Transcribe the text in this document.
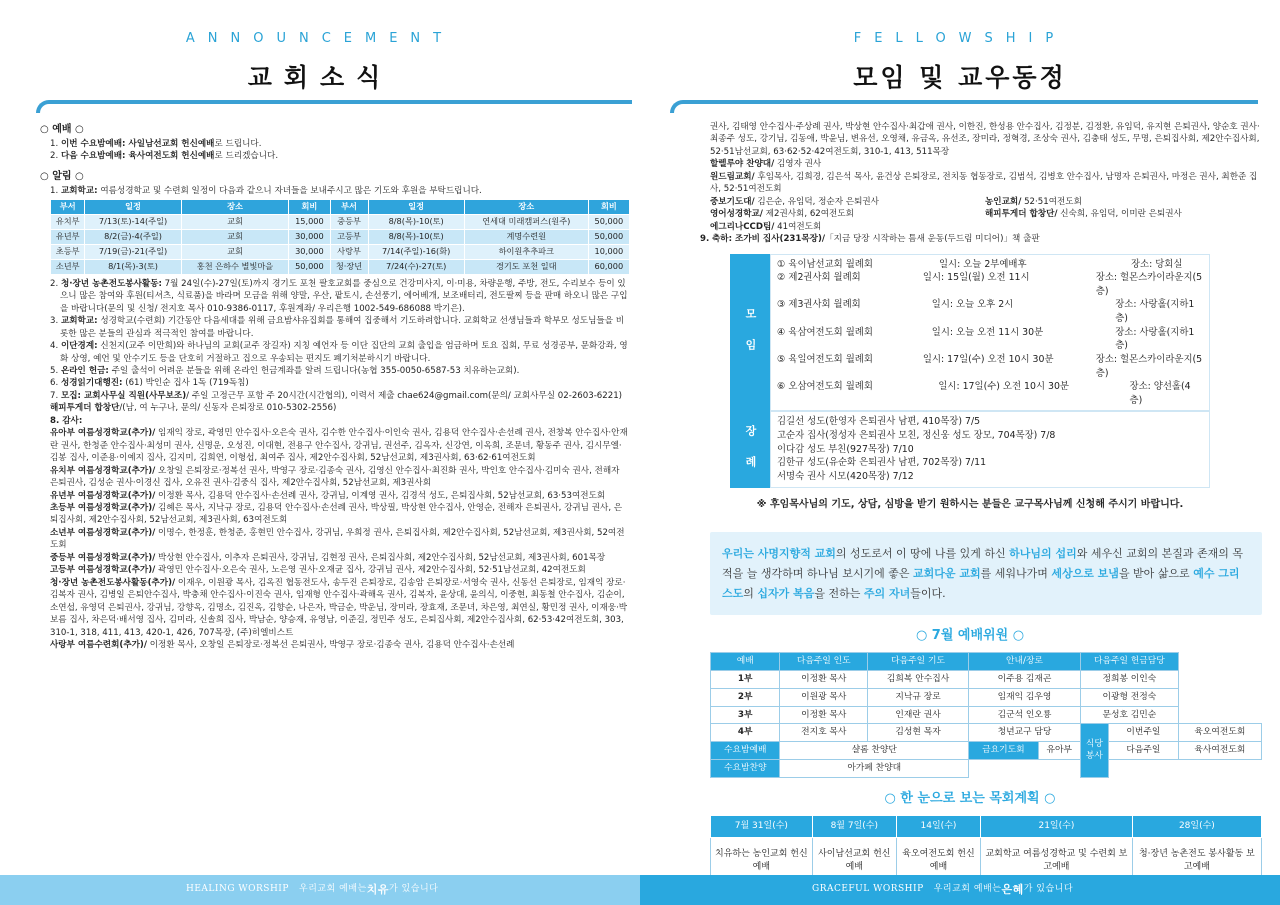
ANNOUNCEMENT
교회소식
○ 예배 ○
1. 이번 수요밤예배: 사일남선교회 헌신예배로 드립니다.
2. 다음 수요밤예배: 육사여전도회 헌신예배로 드리겠습니다.
○ 알림 ○
1. 교회학교: 여름성경학교 및 수련회 일정이 다음과 같으니 자녀들을 보내주시고 많은 기도와 후원을 부탁드립니다.
부서	일정	장소	회비	부서	일정	장소	회비
유치부	7/13(토)-14(주일)	교회	15,000	중등부	8/8(목)-10(토)	연세대 미래캠퍼스(원주)	50,000
유년부	8/2(금)-4(주일)	교회	30,000	고등부	8/8(목)-10(토)	계명수련원	50,000
초등부	7/19(금)-21(주일)	교회	30,000	사랑부	7/14(주일)-16(화)	하이원추추파크	10,000
소년부	8/1(목)-3(토)	홍천 은하수 별빛마을	50,000	청·장년	7/24(수)-27(토)	경기도 포천 일대	60,000
2. 청·장년 농촌전도봉사활동: 7월 24일(수)-27일(토)까지 경기도 포천 팔호교회를 중심으로 건강미사지, 이·미용, 차량운행, 주방, 전도, 수리보수 등이 있으니 많은 참여와 후원(티셔츠, 식료품)을 바라며 모금을 위해 양말, 우산, 팥토시, 손선풍기, 에어베개, 보조배터리, 전도팔찌 등을 판매 하오니 많은 구입을 바랍니다(문의 및 신청/ 전지호 목사 010-9386-0117, 후원계좌/ 우리은행 1002-549-686088 박기은).
3. 교회학교: 성경학교(수련회) 기간동안 다음세대를 위해 금요밤샤유집회를 통해여 집중해서 기도하려합니다. 교회학교 선생님들과 학부모 성도님들을 비롯한 많은 분들의 관심과 적극적인 참여를 바랍니다.
4. 이단경계: 신천지(교주 이만희)와 하나님의 교회(교주 장길자) 지칭 예언자 등 이단 집단의 교회 출입을 엄금하며 토요 집회, 무료 성경공부, 문화강좌, 영화 상영, 예언 및 안수기도 등을 단호히 거절하고 집으로 우송되는 편지도 폐기처분하시기 바랍니다.
5. 온라인 헌금: 주일 출석이 어려운 분들을 위해 온라인 헌금계좌를 알려 드립니다(농협 355-0050-6587-53 치유하는교회).
6. 성경읽기대행진: (61) 박인순 집사 1독 (719독침)
7. 모집: 교회사무실 직원(사무보조)/ 주일 고정근무 포함 주 20시간(시간협의), 이력서 제출 chae624@gmail.com(문의/ 교회사무실 02-2603-6221)
해피투게더 합창단/(남, 여 누구나, 문의/ 신동자 은퇴장로 010-5302-2556)
8. 감사:
유아부 여름성경학교(추가)/ 임재익 장로, 곽영민 안수집사·오은숙 권사, 김수한 안수집사·이인숙 권사, 김용덕 안수집사·손선례 권사, 전창복 안수집사·안재란 권사, 한청준 안수집사·최성미 권사, 신명운, 오성진, 이대현, 전용구 안수집사, 강귀님, 권선주, 김옥자, 신강연, 이옥희, 조문녀, 황동주 권사, 김시무엘·김봉 집사, 이준용·이예지 집사, 김지미, 김희연, 이형섭, 최여주 집사, 제2안수집사회, 52남선교회, 제3권사회, 63·62·61여전도회
유치부 여름성경학교(추가)/ 오창일 은퇴장로·정복선 권사, 박영구 장로·김종숙 권사, 김영신 안수집사·최진화 권사, 박인호 안수집사·김미숙 권사, 전해자 은퇴권사, 김성순 권사·이경신 집사, 오유진 권사·김중식 집사, 제2안수집사회, 52남선교회, 제3권사회
유년부 여름성경학교(추가)/ 이정환 목사, 김용덕 안수집사·손선례 권사, 강귀님, 이계영 권사, 김경석 성도, 은퇴집사회, 52남선교회, 63·53여전도회
초등부 여름성경학교(추가)/ 김혜은 목사, 지낙규 장로, 김용덕 안수집사·손선례 권사, 박상필, 박상현 안수집사, 안영순, 전해자 은퇴권사, 강귀님 권사, 은퇴집사회, 제2안수집사회, 52남선교회, 제3권사회, 63여전도회
소년부 여름성경학교(추가)/ 이명수, 한정훈, 한청준, 홍현민 안수집사, 강귀님, 우희정 권사, 은퇴집사회, 제2안수집사회, 52남선교회, 제3권사회, 52여전도회
중등부 여름성경학교(추가)/ 박상현 안수집사, 이추자 은퇴권사, 강귀님, 김현정 권사, 은퇴집사회, 제2안수집사회, 52남선교회, 제3권사회, 601목장
고등부 여름성경학교(추가)/ 곽영민 안수집사·오은숙 권사, 노은영 권사·오재균 집사, 강귀님 권사, 제2안수집사회, 52·51남선교회, 42여전도회
청·장년 농촌전도봉사활동(추가)/ 이재우, 이원광 목사, 김옥진 협동전도사, 송두진 은퇴장로, 김송암 은퇴장로·서영숙 권사, 신동선 은퇴장로, 임재익 장로·김복자 권사, 김병일 은퇴안수집사, 박충채 안수집사·이진숙 권사, 임재형 안수집사·곽해옥 권사, 김복자, 윤상대, 윤의식, 이중현, 최동철 안수집사, 김순이, 소연섭, 유영덕 은퇴권사, 강귀님, 강향옥, 김명소, 김진옥, 김향순, 나은자, 박금순, 박운님, 장미라, 장효재, 조문녀, 차은영, 최연실, 황민정 권사, 이재웅·박보름 집사, 차은덕·배서영 집사, 김미라, 신솔희 집사, 박남순, 양승재, 유영남, 이준길, 정민주 성도, 은퇴집사회, 제2안수집사회, 62·53·42여전도회, 303, 310-1, 318, 411, 413, 420-1, 426, 707목장, (주)히엘비스트
사랑부 여름수련회(추가)/ 이정환 목사, 오창일 은퇴장로·정복선 은퇴권사, 박영구 장로·김종숙 권사, 김용덕 안수집사·손선례
HEALING WORSHIP
우리교회 예배는 치유 가 있습니다
FELLOWSHIP
모임 및 교우동정
권사, 김태영 안수집사·주상례 권사, 박상현 안수집사·최갑애 권사, 이한진, 한성용 안수집사, 김정분, 김정환, 유임덕, 유지현 은퇴권사, 양순호 권사·최종주 성도, 강기님, 김동애, 박윤님, 변유선, 오영채, 유금옥, 유선조, 장미라, 정혁경, 조상숙 권사, 김충태 성도, 무명, 은퇴집사회, 제2안수집사회, 52·51남선교회, 63·62·52·42여전도회, 310-1, 413, 511목장
할렐루야 찬양대/ 김영자 권사
원드림교회/ 후임목사, 김희경, 김은석 목사, 윤건상 은퇴장로, 전치동 협동장로, 김범석, 김병호 안수집사, 남명자 은퇴권사, 마정은 권사, 최한준 집사, 52·51여전도회
중보기도대/ 김은순, 유임덕, 정순자 은퇴권사	농인교회/ 52·51여전도회
영어성경학교/ 제2권사회, 62여전도회	해피투게더 합창단/ 신숙희, 유임덕, 이미란 은퇴권사
에그리나CCD팀/ 41여전도회
9. 축하: 조가비 집사(231목장)/「지금 당장 시작하는 틈새 운동(두드림 미디어)」책 출판
모 임
① 육이남선교회 월례회	일시: 오늘 2부예배후	장소: 당회실
② 제2권사회 월례회	일시: 15일(월) 오전 11시	장소: 헐몬스카이라운지(5층)
③ 제3권사회 월례회	일시: 오늘 오후 2시	장소: 사랑홀(지하1층)
④ 육삼여전도회 월례회	일시: 오늘 오전 11시 30분	장소: 사랑홀(지하1층)
⑤ 육일여전도회 월례회	일시: 17일(수) 오전 10시 30분	장소: 헐몬스카이라운지(5층)
⑥ 오삼여전도회 월례회	일시: 17일(수) 오전 10시 30분	장소: 양선홀(4층)
장 례
김길선 성도(한영자 은퇴권사 남편, 410목장) 7/5
고순자 집사(정성자 은퇴권사 모친, 정신웅 성도 장모, 704목장) 7/8
이다감 성도 부친(927목장) 7/10
김한규 성도(유순화 은퇴권사 남편, 702목장) 7/11
서명숙 권사 시모(420목장) 7/12
※ 후임목사님의 기도, 상담, 심방을 받기 원하시는 분들은 교구목사님께 신청해 주시기 바랍니다.
우리는 사명지향적 교회의 성도로서 이 땅에 나를 있게 하신 하나님의 섭리와 세우신 교회의 본질과 존재의 목적을 늘 생각하며 하나님 보시기에 좋은 교회다운 교회를 세워나가며 세상으로 보냄을 받아 삶으로 예수 그리스도의 십자가 복음을 전하는 주의 자녀들이다.
○ 7월 예배위원 ○
예배	다음주일 인도	다음주일 기도	안내/장로		다음주일 헌금담당		
1부	이정환 목사	김희복 안수집사	이주용 김재곤		정희봉 이인숙		
2부	이원광 목사	지낙규 장로	임재익 김우영		이광형 전정숙		
3부	이정환 목사	인재란 권사	김군석 인오룡		문성호 김민순		
4부	전지호 목사	김성현 목자	청년교구 담당		식당 봉사	이번주일	육오여전도회
수요밤예배	샬롬 찬양단		금요기도회	유아부		다음주일	육사여전도회
수요밤찬양	아가페 찬양대						
○ 한 눈으로 보는 목회계획 ○
7월 31일(수)	8월 7일(수)	14일(수)	21일(수)	28일(수)
치유하는 농인교회 헌신예배	사이남선교회 헌신예배	육오여전도회 헌신예배	교회학교 여름성경학교 및 수련회 보고예배	청·장년 농촌전도 봉사활동 보고예배
GRACEFUL WORSHIP
우리교회 예배는 은혜 가 있습니다
